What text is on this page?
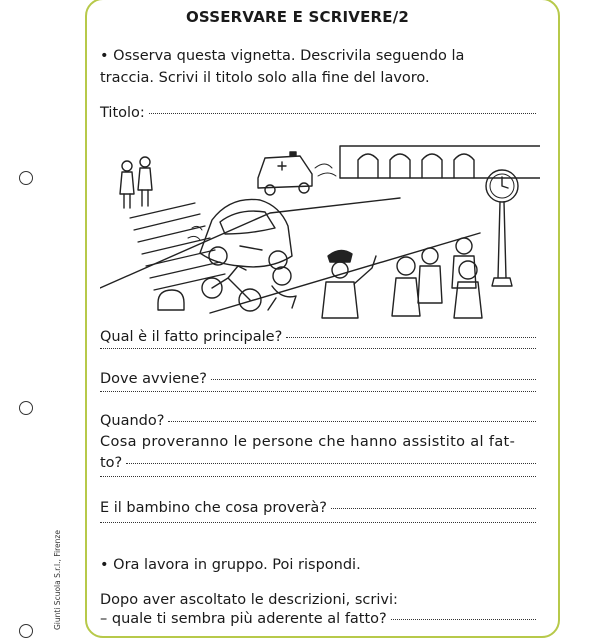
Giunti Scuola S.r.l., Firenze
OSSERVARE E SCRIVERE/2
• Osserva questa vignetta. Descrivila seguendo la
traccia. Scrivi il titolo solo alla fine del lavoro.
Titolo:
Qual è il fatto principale?
Dove avviene?
Quando?
Cosa proveranno le persone che hanno assistito al fat-
to?
E il bambino che cosa proverà?
• Ora lavora in gruppo. Poi rispondi.
Dopo aver ascoltato le descrizioni, scrivi:
– quale ti sembra più aderente al fatto?
